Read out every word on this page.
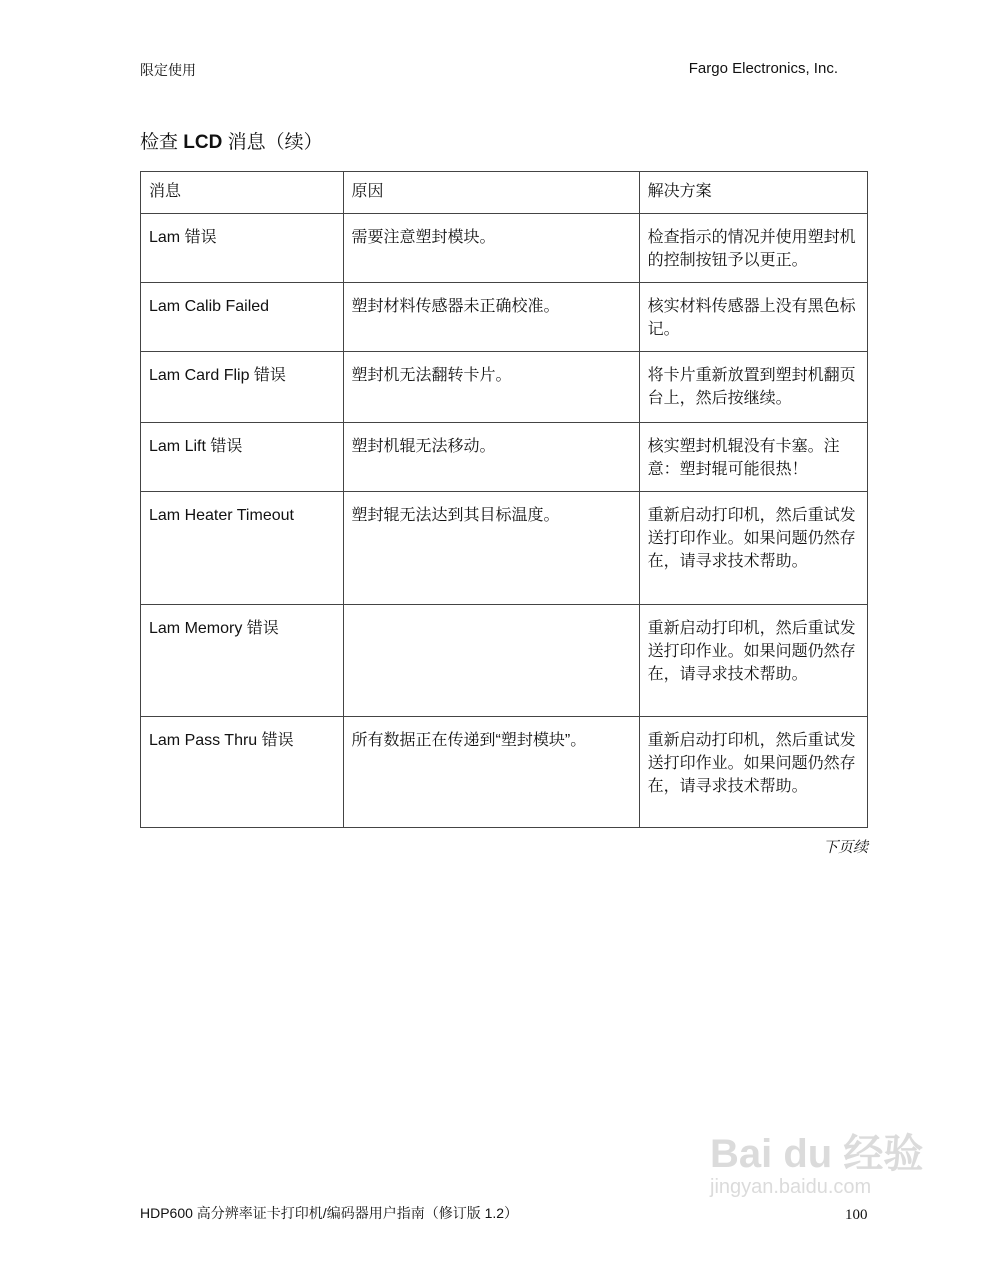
限定使用	Fargo Electronics, Inc.
检查 LCD 消息（续）
消息	原因	解决方案
Lam 错误	需要注意塑封模块。	检查指示的情况并使用塑封机的控制按钮予以更正。
Lam Calib Failed	塑封材料传感器未正确校准。	核实材料传感器上没有黑色标记。
Lam Card Flip 错误	塑封机无法翻转卡片。	将卡片重新放置到塑封机翻页台上，然后按继续。
Lam Lift 错误	塑封机辊无法移动。	核实塑封机辊没有卡塞。注意：塑封辊可能很热！
Lam Heater Timeout	塑封辊无法达到其目标温度。	重新启动打印机，然后重试发送打印作业。如果问题仍然存在，请寻求技术帮助。
Lam Memory 错误		重新启动打印机，然后重试发送打印作业。如果问题仍然存在，请寻求技术帮助。
Lam Pass Thru 错误	所有数据正在传递到“塑封模块”。	重新启动打印机，然后重试发送打印作业。如果问题仍然存在，请寻求技术帮助。
下页续
HDP600 高分辨率证卡打印机/编码器用户指南（修订版 1.2）
Bai du 经验
jingyan.baidu.com
100
